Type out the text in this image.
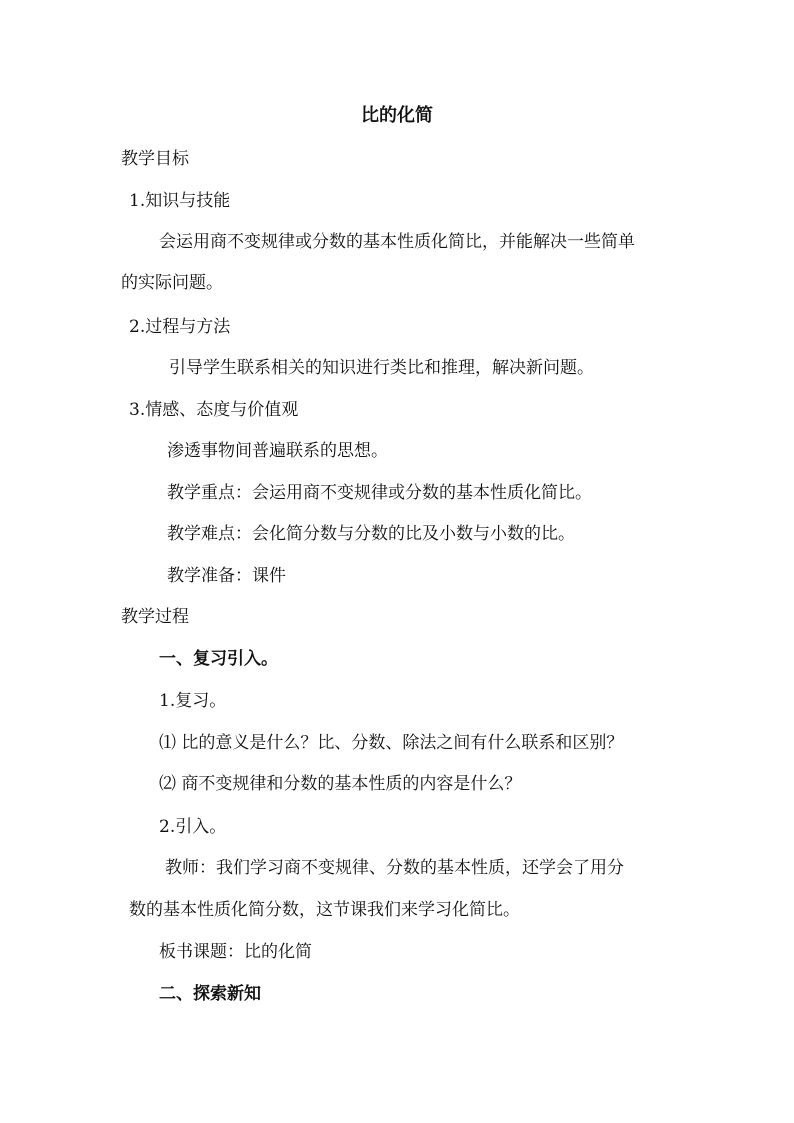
比的化简
教学目标
1.知识与技能
会运用商不变规律或分数的基本性质化简比，并能解决一些简单
的实际问题。
2.过程与方法
引导学生联系相关的知识进行类比和推理，解决新问题。
3.情感、态度与价值观
渗透事物间普遍联系的思想。
教学重点：会运用商不变规律或分数的基本性质化简比。
教学难点：会化简分数与分数的比及小数与小数的比。
教学准备：课件
教学过程
一、复习引入。
1.复习。
⑴ 比的意义是什么？比、分数、除法之间有什么联系和区别？
⑵ 商不变规律和分数的基本性质的内容是什么？
2.引入。
教师：我们学习商不变规律、分数的基本性质，还学会了用分
数的基本性质化简分数，这节课我们来学习化简比。
板书课题：比的化简
二、探索新知
